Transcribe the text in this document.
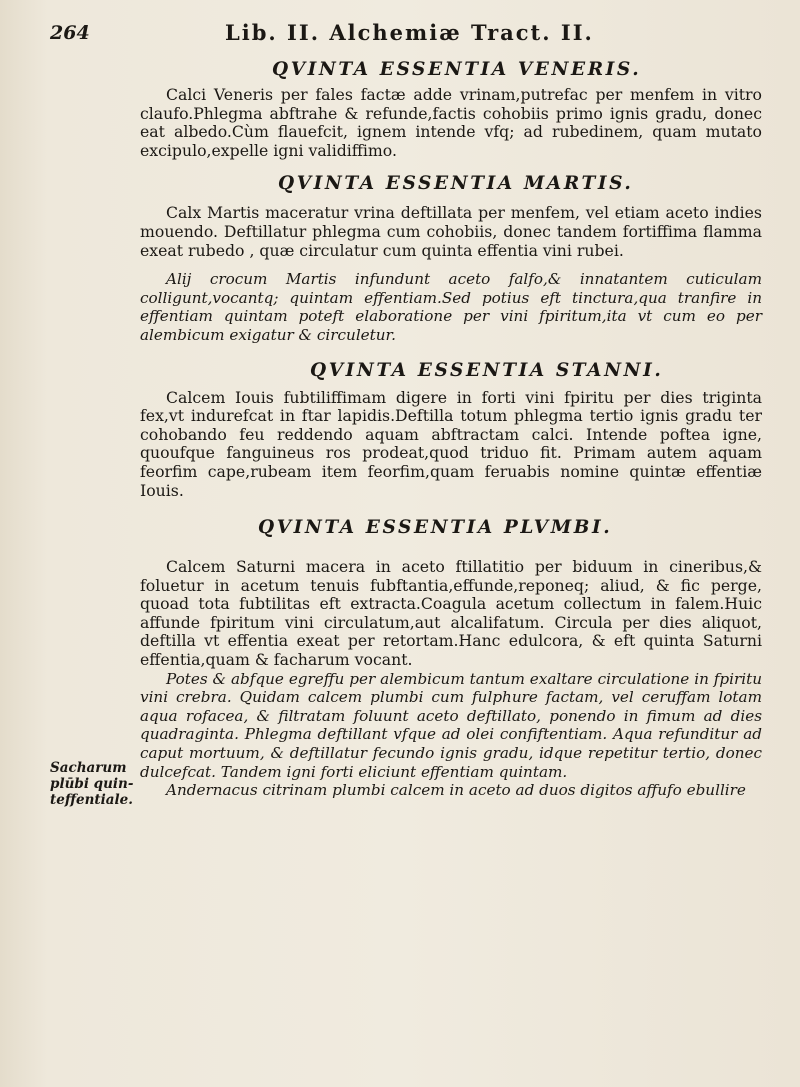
264	Lib. II. Alchemiæ Tract. II.
Sacharum
plūbi quin-
teffentiale.
QVINTA ESSENTIA VENERIS.

Calci Veneris per fales factæ adde vrinam,putrefac per menfem in vitro claufo.Phlegma abftrahe & refunde,factis cohobiis primo ignis gradu, donec eat albedo.Cùm flauefcit, ignem intende vfq; ad rubedinem, quam mutato excipulo,expelle igni validiffimo.

QVINTA ESSENTIA MARTIS.

Calx Martis maceratur vrina deftillata per menfem, vel etiam aceto indies mouendo. Deftillatur phlegma cum cohobiis, donec tandem fortiffima flamma exeat rubedo , quæ circulatur cum quinta effentia vini rubei.

Alij crocum Martis infundunt aceto falfo,& innatantem cuticulam colligunt,vocantq; quintam effentiam.Sed potius eft tinctura,qua tranfire in effentiam quintam poteft elaboratione per vini fpiritum,ita vt cum eo per alembicum exigatur & circuletur.

QVINTA ESSENTIA STANNI.

Calcem Iouis fubtiliffimam digere in forti vini fpiritu per dies triginta fex,vt indurefcat in ftar lapidis.Deftilla totum phlegma tertio ignis gradu ter cohobando feu reddendo aquam abftractam calci. Intende poftea igne, quoufque fanguineus ros prodeat,quod triduo fit. Primam autem aquam feorfim cape,rubeam item feorfim,quam feruabis nomine quintæ effentiæ Iouis.

QVINTA ESSENTIA PLVMBI.

Calcem Saturni macera in aceto ftillatitio per biduum in cineribus,& foluetur in acetum tenuis fubftantia,effunde,reponeq; aliud, & fic perge, quoad tota fubtilitas eft extracta.Coagula acetum collectum in falem.Huic affunde fpiritum vini circulatum,aut alcalifatum. Circula per dies aliquot, deftilla vt effentia exeat per retortam.Hanc edulcora, & eft quinta Saturni effentia,quam & facharum vocant.

Potes & abfque egreffu per alembicum tantum exaltare circulatione in fpiritu vini crebra. Quidam calcem plumbi cum fulphure factam, vel ceruffam lotam aqua rofacea, & filtratam foluunt aceto deftillato, ponendo in fimum ad dies quadraginta. Phlegma deftillant vfque ad olei confiftentiam. Aqua refunditur ad caput mortuum, & deftillatur fecundo ignis gradu, idque repetitur tertio, donec dulcefcat. Tandem igni forti eliciunt effentiam quintam.

Andernacus citrinam plumbi calcem in aceto ad duos digitos affufo ebullire
